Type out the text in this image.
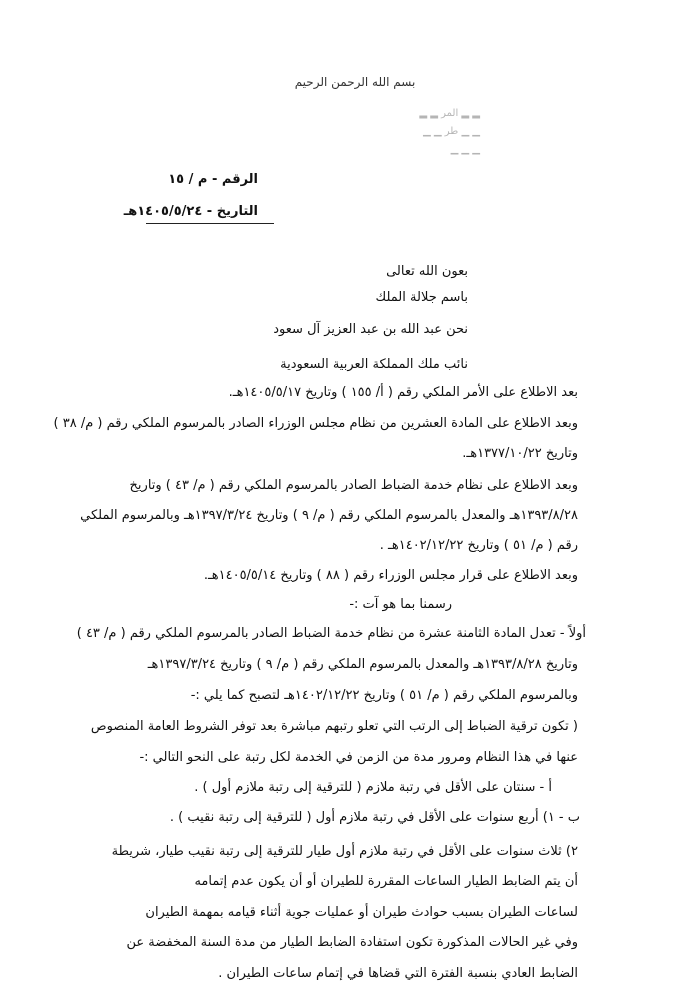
بسم الله الرحمن الرحيم
▂ ▂ ﺍﻟﻤﺮ ▂ ▂
▁ ▁ ﻃﺮ ▁ ▁
▁ ▁ ▁
الرقم - م / ١٥
التاريخ - ١٤٠٥/٥/٢٤هـ
بعون الله تعالى
باسم جلالة الملك
نحن عبد الله بن عبد العزيز آل سعود
نائب ملك المملكة العربية السعودية
بعد الاطلاع على الأمر الملكي رقم ( أ/ ١٥٥ ) وتاريخ ١٤٠٥/٥/١٧هـ.
وبعد الاطلاع على المادة العشرين من نظام مجلس الوزراء الصادر بالمرسوم الملكي رقم ( م/ ٣٨ )
وتاريخ ١٣٧٧/١٠/٢٢هـ.
وبعد الاطلاع على نظام خدمة الضباط الصادر بالمرسوم الملكي رقم ( م/ ٤٣ ) وتاريخ
١٣٩٣/٨/٢٨هـ والمعدل بالمرسوم الملكي رقم ( م/ ٩ ) وتاريخ ١٣٩٧/٣/٢٤هـ وبالمرسوم الملكي
رقم ( م/ ٥١ ) وتاريخ ١٤٠٢/١٢/٢٢هـ .
وبعد الاطلاع على قرار مجلس الوزراء رقم ( ٨٨ ) وتاريخ ١٤٠٥/٥/١٤هـ.
رسمنا بما هو آت :-
أولاً - تعدل المادة الثامنة عشرة من نظام خدمة الضباط الصادر بالمرسوم الملكي رقم ( م/ ٤٣ )
وتاريخ ١٣٩٣/٨/٢٨هـ والمعدل بالمرسوم الملكي رقم ( م/ ٩ ) وتاريخ ١٣٩٧/٣/٢٤هـ
وبالمرسوم الملكي رقم ( م/ ٥١ ) وتاريخ ١٤٠٢/١٢/٢٢هـ لتصبح كما يلي :-
( تكون ترقية الضباط إلى الرتب التي تعلو رتبهم مباشرة بعد توفر الشروط العامة المنصوص
عنها في هذا النظام ومرور مدة من الزمن في الخدمة لكل رتبة على النحو التالي :-
أ - سنتان على الأقل في رتبة ملازم ( للترقية إلى رتبة ملازم أول ) .
ب - ١) أربع سنوات على الأقل في رتبة ملازم أول ( للترقية إلى رتبة نقيب ) .
٢) ثلاث سنوات على الأقل في رتبة ملازم أول طيار للترقية إلى رتبة نقيب طيار، شريطة
أن يتم الضابط الطيار الساعات المقررة للطيران أو أن يكون عدم إتمامه
لساعات الطيران بسبب حوادث طيران أو عمليات جوية أثناء قيامه بمهمة الطيران
وفي غير الحالات المذكورة تكون استفادة الضابط الطيار من مدة السنة المخفضة عن
الضابط العادي بنسبة الفترة التي قضاها في إتمام ساعات الطيران .
